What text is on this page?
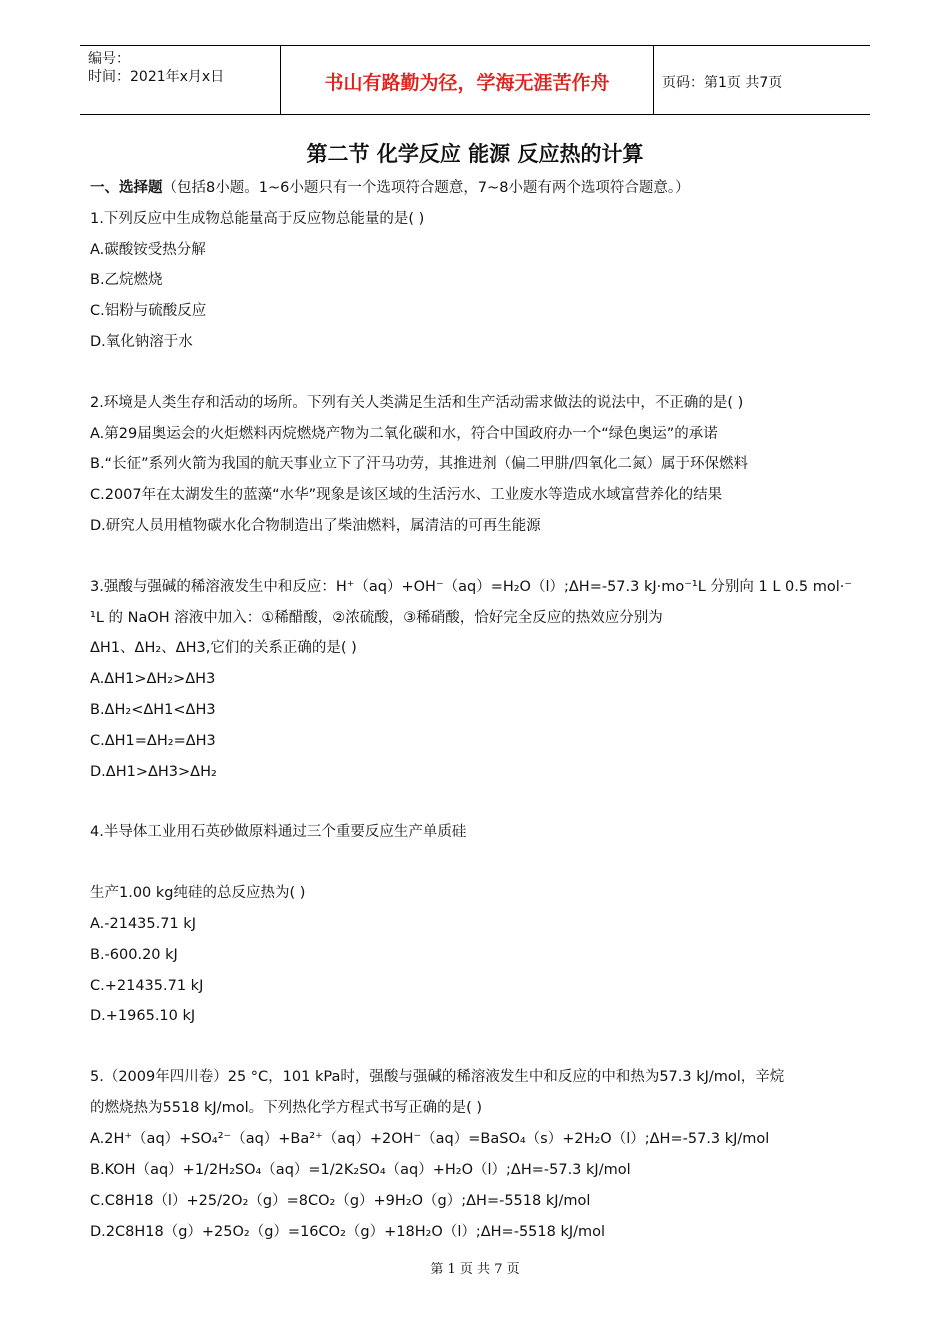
编号：
时间：2021年x月x日	书山有路勤为径，学海无涯苦作舟	页码：第1页 共7页
第二节 化学反应 能源 反应热的计算
一、选择题（包括8小题。1~6小题只有一个选项符合题意，7~8小题有两个选项符合题意。）
1.下列反应中生成物总能量高于反应物总能量的是( )
A.碳酸铵受热分解
B.乙烷燃烧
C.铝粉与硫酸反应
D.氧化钠溶于水
2.环境是人类生存和活动的场所。下列有关人类满足生活和生产活动需求做法的说法中，不正确的是( )
A.第29届奥运会的火炬燃料丙烷燃烧产物为二氧化碳和水，符合中国政府办一个“绿色奥运”的承诺
B.“长征”系列火箭为我国的航天事业立下了汗马功劳，其推进剂（偏二甲肼/四氧化二氮）属于环保燃料
C.2007年在太湖发生的蓝藻“水华”现象是该区域的生活污水、工业废水等造成水域富营养化的结果
D.研究人员用植物碳水化合物制造出了柴油燃料，属清洁的可再生能源
3.强酸与强碱的稀溶液发生中和反应：H⁺（aq）+OH⁻（aq）=H₂O（l）;ΔH=-57.3 kJ·mo⁻¹L 分别向 1 L 0.5 mol·⁻
¹L 的 NaOH 溶液中加入：①稀醋酸，②浓硫酸，③稀硝酸，恰好完全反应的热效应分别为
ΔH1、ΔH₂、ΔH3,它们的关系正确的是( )
A.ΔH1>ΔH₂>ΔH3
B.ΔH₂<ΔH1<ΔH3
C.ΔH1=ΔH₂=ΔH3
D.ΔH1>ΔH3>ΔH₂
4.半导体工业用石英砂做原料通过三个重要反应生产单质硅
生产1.00 kg纯硅的总反应热为( )
A.-21435.71 kJ
B.-600.20 kJ
C.+21435.71 kJ
D.+1965.10 kJ
5.（2009年四川卷）25 °C，101 kPa时，强酸与强碱的稀溶液发生中和反应的中和热为57.3 kJ/mol，辛烷
的燃烧热为5518 kJ/mol。下列热化学方程式书写正确的是( )
A.2H⁺（aq）+SO₄²⁻（aq）+Ba²⁺（aq）+2OH⁻（aq）=BaSO₄（s）+2H₂O（l）;ΔH=-57.3 kJ/mol
B.KOH（aq）+1/2H₂SO₄（aq）=1/2K₂SO₄（aq）+H₂O（l）;ΔH=-57.3 kJ/mol
C.C8H18（l）+25/2O₂（g）=8CO₂（g）+9H₂O（g）;ΔH=-5518 kJ/mol
D.2C8H18（g）+25O₂（g）=16CO₂（g）+18H₂O（l）;ΔH=-5518 kJ/mol
第 1 页 共 7 页
